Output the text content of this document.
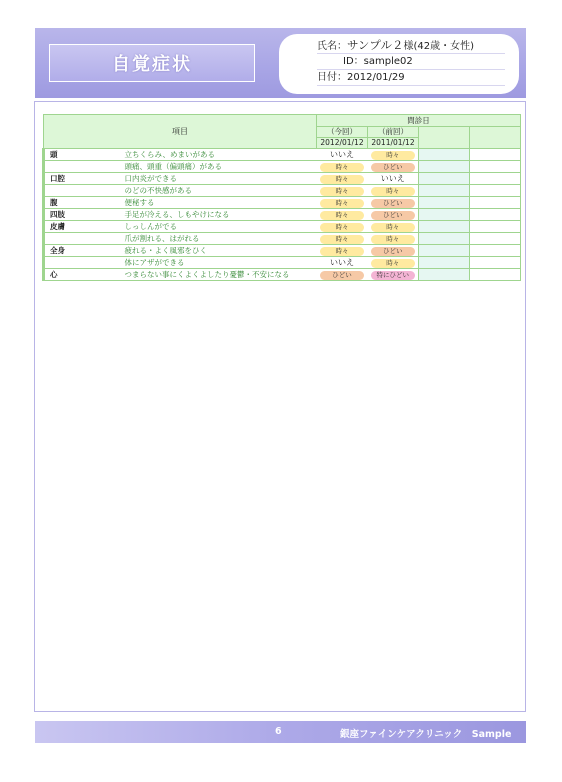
自覚症状
氏名：サンプル２様(42歳・女性)
ID：sample02
日付：2012/01/29
項目		問診日			
		（今回）	（前回）		
		2012/01/12	2011/01/12		
頭	立ちくらみ、めまいがある	いいえ	時々		
	頭痛、頭重（偏頭痛）がある	時々	ひどい		
口腔	口内炎ができる	時々	いいえ		
	のどの不快感がある	時々	時々		
腹	便秘する	時々	ひどい		
四肢	手足が冷える、しもやけになる	時々	ひどい		
皮膚	しっしんがでる	時々	時々		
	爪が割れる、はがれる	時々	時々		
全身	疲れる・よく風邪をひく	時々	ひどい		
	体にアザができる	いいえ	時々		
心	つまらない事にくよくよしたり憂鬱・不安になる	ひどい	特にひどい		
6	銀座ファインケアクリニック　Sample
